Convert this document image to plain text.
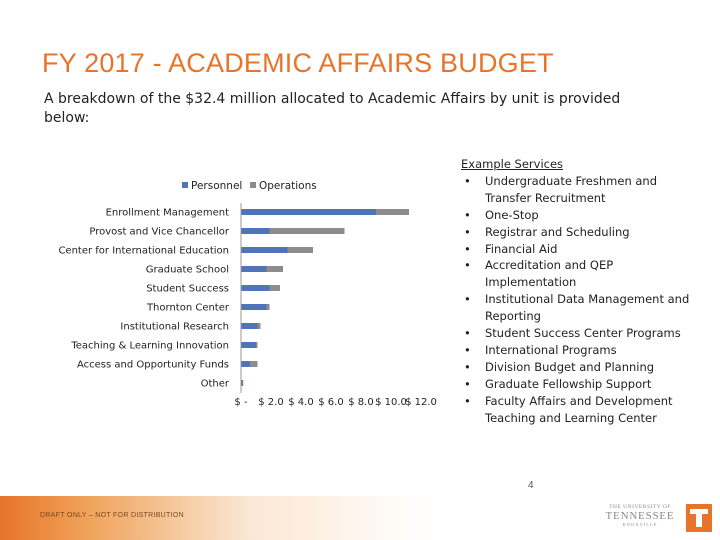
FY 2017 - ACADEMIC AFFAIRS BUDGET

A breakdown of the $32.4 million allocated to Academic Affairs by unit is provided below:

Personnel Operations
Enrollment Management
Provost and Vice Chancellor
Center for International Education
Graduate School
Student Success
Thornton Center
Institutional Research
Teaching & Learning Innovation
Access and Opportunity Funds
Other
$ - $ 2.0 $ 4.0 $ 6.0 $ 8.0 $ 10.0
$ 12.0
Example Services
• Undergraduate Freshmen and Transfer Recruitment
• One-Stop
• Registrar and Scheduling
• Financial Aid
• Accreditation and QEP Implementation
• Institutional Data Management and Reporting
• Student Success Center Programs
• International Programs
• Division Budget and Planning
• Graduate Fellowship Support
• Faculty Affairs and Development Teaching and Learning Center
DRAFT ONLY – NOT FOR DISTRIBUTION
4
THE UNIVERSITY OF
TENNESSEE
KNOXVILLE
